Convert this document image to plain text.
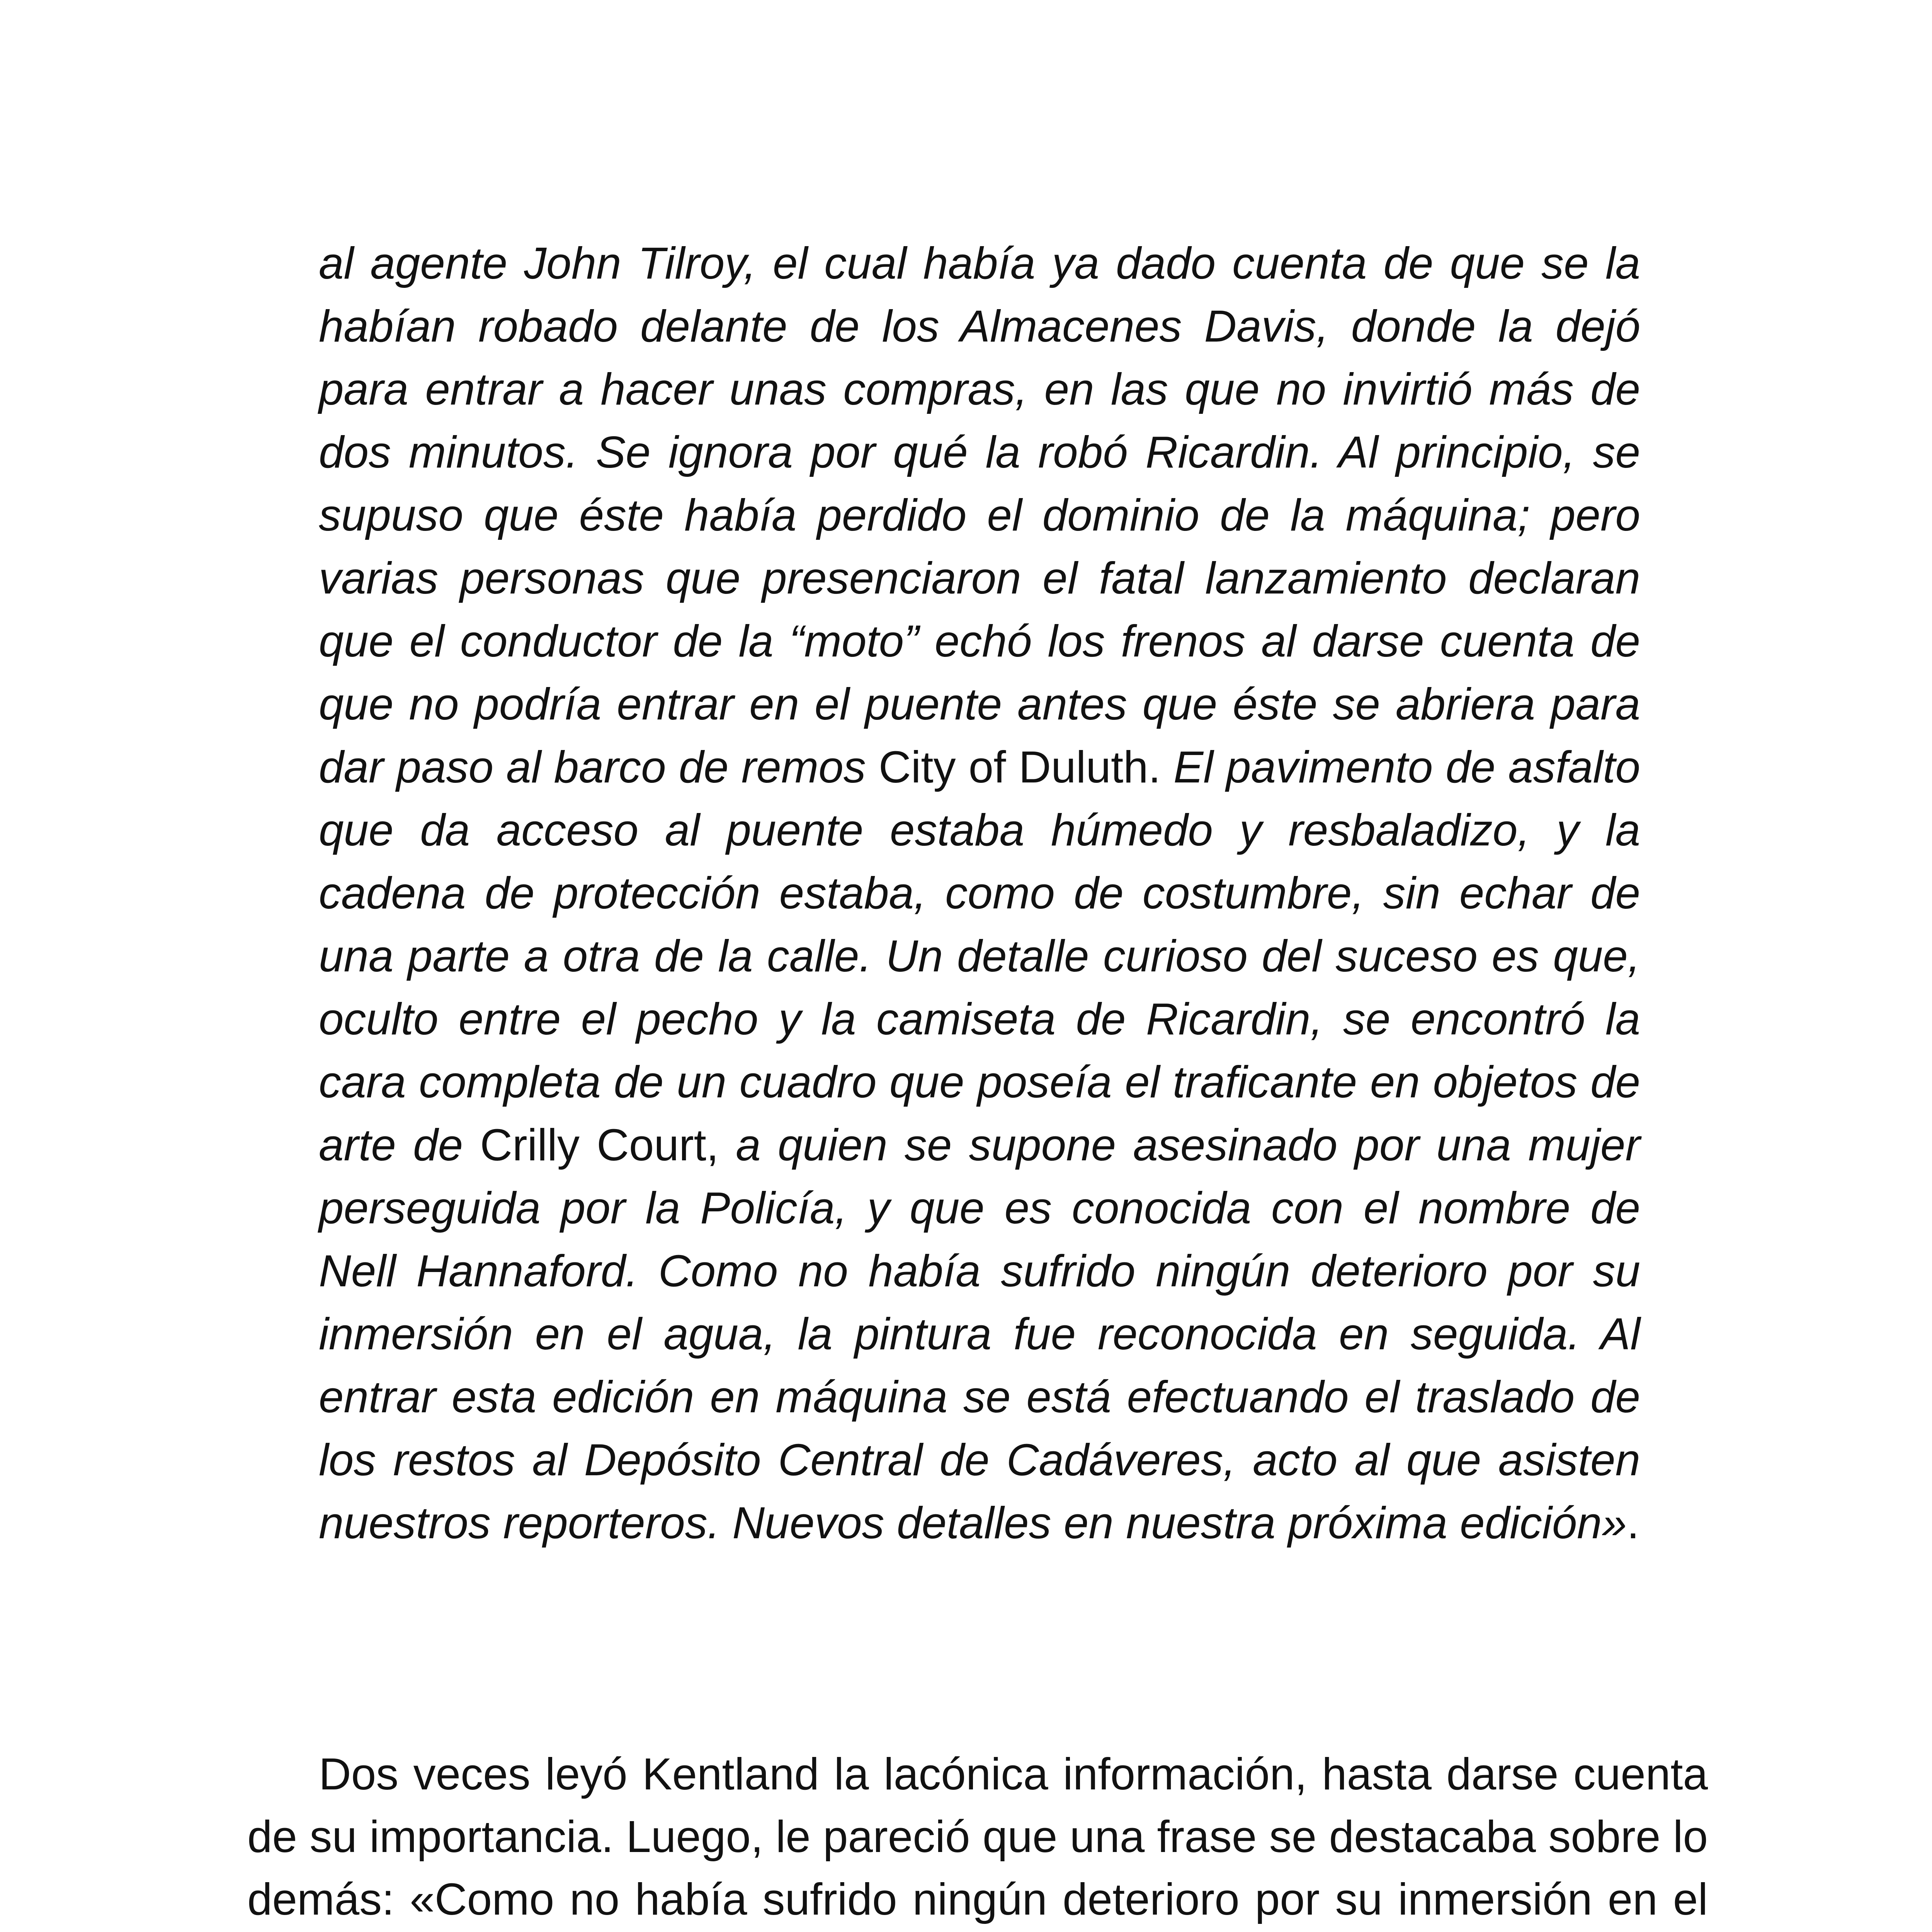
al agente John Tilroy, el cual había ya dado cuenta de que se la habían robado delante de los Almacenes Davis, donde la dejó para entrar a hacer unas compras, en las que no invirtió más de dos minutos. Se ignora por qué la robó Ricardin. Al principio, se supuso que éste había perdido el dominio de la máquina; pero varias personas que presenciaron el fatal lanzamiento declaran que el conductor de la “moto” echó los frenos al darse cuenta de que no podría entrar en el puente antes que éste se abriera para dar paso al barco de remos City of Duluth. El pavimento de asfalto que da acceso al puente estaba húmedo y resbaladizo, y la cadena de protección estaba, como de costumbre, sin echar de una parte a otra de la calle. Un detalle curioso del suceso es que, oculto entre el pecho y la camiseta de Ricardin, se encontró la cara completa de un cuadro que poseía el traficante en objetos de arte de Crilly Court, a quien se supone asesinado por una mujer perseguida por la Policía, y que es conocida con el nombre de Nell Hannaford. Como no había sufrido ningún deterioro por su inmersión en el agua, la pintura fue reconocida en seguida. Al entrar esta edición en máquina se está efectuando el traslado de los restos al Depósito Central de Cadáveres, acto al que asisten nuestros reporteros. Nuevos detalles en nuestra próxima edición».

Dos veces leyó Kentland la lacónica información, hasta darse cuenta de su importancia. Luego, le pareció que una frase se destacaba sobre lo demás: «Como no había sufrido ningún deterioro por su inmersión en el
